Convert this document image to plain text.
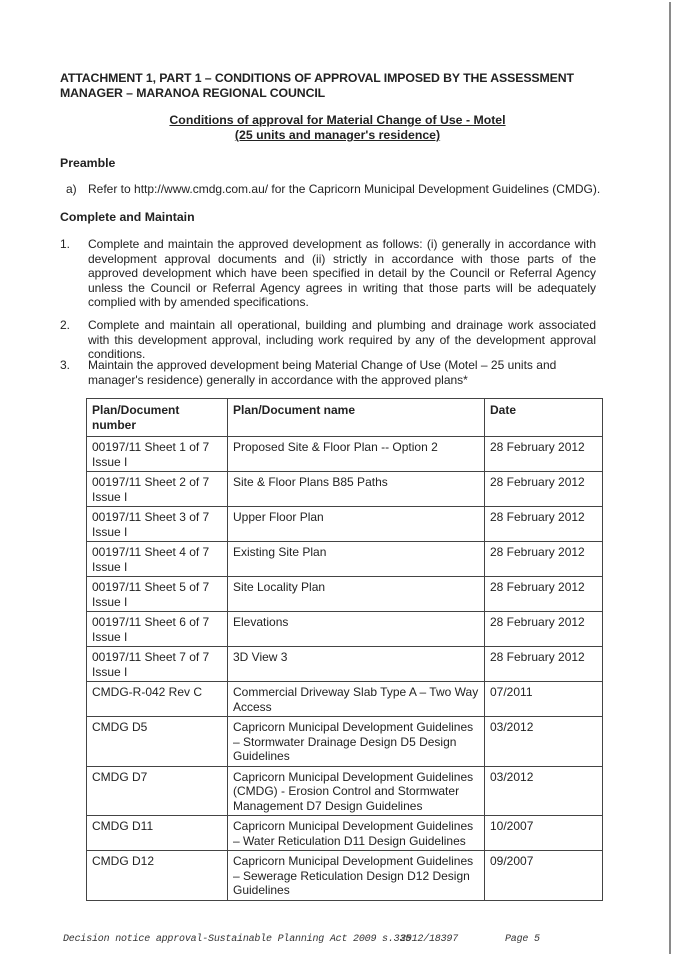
ATTACHMENT 1, PART 1 – CONDITIONS OF APPROVAL IMPOSED BY THE ASSESSMENT MANAGER – MARANOA REGIONAL COUNCIL
Conditions of approval for Material Change of Use - Motel
(25 units and manager's residence)
Preamble
a) Refer to http://www.cmdg.com.au/ for the Capricorn Municipal Development Guidelines (CMDG).
Complete and Maintain
1. Complete and maintain the approved development as follows: (i) generally in accordance with development approval documents and (ii) strictly in accordance with those parts of the approved development which have been specified in detail by the Council or Referral Agency unless the Council or Referral Agency agrees in writing that those parts will be adequately complied with by amended specifications.
2. Complete and maintain all operational, building and plumbing and drainage work associated with this development approval, including work required by any of the development approval conditions.
3. Maintain the approved development being Material Change of Use (Motel – 25 units and manager's residence) generally in accordance with the approved plans*
Plan/Document number	Plan/Document name	Date
00197/11 Sheet 1 of 7 Issue I	Proposed Site & Floor Plan -- Option 2	28 February 2012
00197/11 Sheet 2 of 7 Issue I	Site & Floor Plans B85 Paths	28 February 2012
00197/11 Sheet 3 of 7 Issue I	Upper Floor Plan	28 February 2012
00197/11 Sheet 4 of 7 Issue I	Existing Site Plan	28 February 2012
00197/11 Sheet 5 of 7 Issue I	Site Locality Plan	28 February 2012
00197/11 Sheet 6 of 7 Issue I	Elevations	28 February 2012
00197/11 Sheet 7 of 7 Issue I	3D View 3	28 February 2012
CMDG-R-042 Rev C	Commercial Driveway Slab Type A – Two Way Access	07/2011
CMDG D5	Capricorn Municipal Development Guidelines – Stormwater Drainage Design D5 Design Guidelines	03/2012
CMDG D7	Capricorn Municipal Development Guidelines (CMDG) - Erosion Control and Stormwater Management D7 Design Guidelines	03/2012
CMDG D11	Capricorn Municipal Development Guidelines – Water Reticulation D11 Design Guidelines	10/2007
CMDG D12	Capricorn Municipal Development Guidelines – Sewerage Reticulation Design D12 Design Guidelines	09/2007
Decision notice approval-Sustainable Planning Act 2009 s.335
2012/18397	Page 5
